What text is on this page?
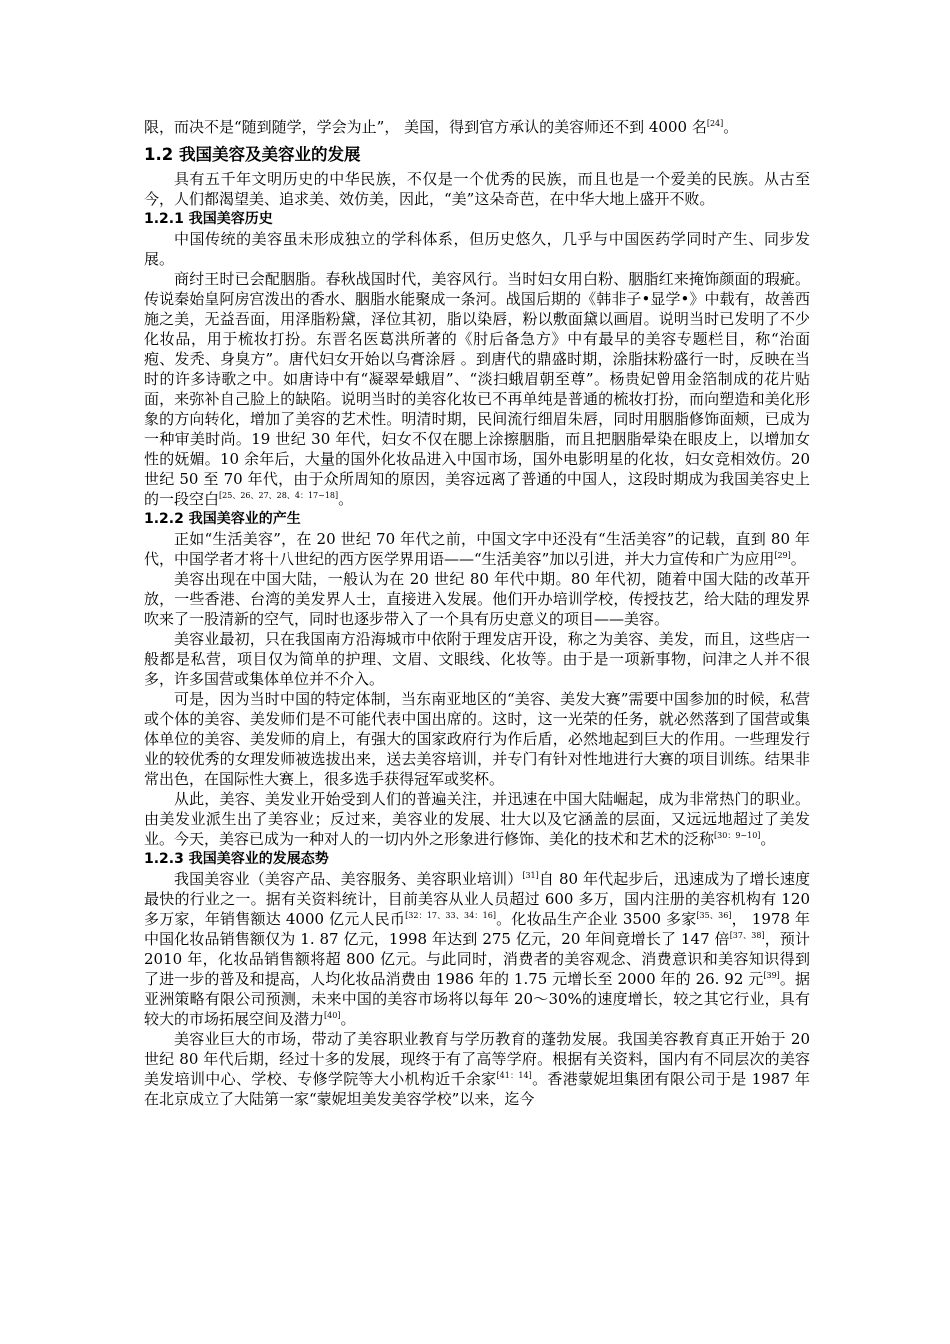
限，而决不是“随到随学，学会为止”， 美国，得到官方承认的美容师还不到 4000 名[24]。

1.2 我国美容及美容业的发展

具有五千年文明历史的中华民族，不仅是一个优秀的民族，而且也是一个爱美的民族。从古至今，人们都渴望美、追求美、效仿美，因此，“美”这朵奇芭，在中华大地上盛开不败。

1.2.1 我国美容历史

中国传统的美容虽未形成独立的学科体系，但历史悠久，几乎与中国医药学同时产生、同步发展。

商纣王时已会配胭脂。春秋战国时代，美容风行。当时妇女用白粉、胭脂红来掩饰颜面的瑕疵。传说秦始皇阿房宫泼出的香水、胭脂水能聚成一条河。战国后期的《韩非子•显学•》中载有，故善西施之美，无益吾面，用泽脂粉黛，泽位其初，脂以染唇，粉以敷面黛以画眉。说明当时已发明了不少化妆品，用于梳妆打扮。东晋名医葛洪所著的《肘后备急方》中有最早的美容专题栏目，称“治面疱、发秃、身臭方”。唐代妇女开始以乌膏涂唇 。到唐代的鼎盛时期，涂脂抹粉盛行一时，反映在当时的许多诗歌之中。如唐诗中有“凝翠晕蛾眉”、“淡扫蛾眉朝至尊”。杨贵妃曾用金箔制成的花片贴面，来弥补自己脸上的缺陷。说明当时的美容化妆已不再单纯是普通的梳妆打扮，而向塑造和美化形象的方向转化，增加了美容的艺术性。明清时期，民间流行细眉朱唇，同时用胭脂修饰面颊，已成为一种审美时尚。19 世纪 30 年代，妇女不仅在腮上涂擦胭脂，而且把胭脂晕染在眼皮上，以增加女性的妩媚。10 余年后，大量的国外化妆品进入中国市场，国外电影明星的化妆，妇女竞相效仿。20 世纪 50 至 70 年代，由于众所周知的原因，美容远离了普通的中国人，这段时期成为我国美容史上的一段空白[25、26、27、28、4：17~18]。

1.2.2 我国美容业的产生

正如“生活美容”，在 20 世纪 70 年代之前，中国文字中还没有“生活美容”的记载，直到 80 年代，中国学者才将十八世纪的西方医学界用语——“生活美容”加以引进，并大力宣传和广为应用[29]。

美容出现在中国大陆，一般认为在 20 世纪 80 年代中期。80 年代初，随着中国大陆的改革开放，一些香港、台湾的美发界人士，直接进入发展。他们开办培训学校，传授技艺，给大陆的理发界吹来了一股清新的空气，同时也逐步带入了一个具有历史意义的项目——美容。

美容业最初，只在我国南方沿海城市中依附于理发店开设，称之为美容、美发，而且，这些店一般都是私营，项目仅为简单的护理、文眉、文眼线、化妆等。由于是一项新事物，问津之人并不很多，许多国营或集体单位并不介入。

可是，因为当时中国的特定体制，当东南亚地区的“美容、美发大赛”需要中国参加的时候，私营或个体的美容、美发师们是不可能代表中国出席的。这时，这一光荣的任务，就必然落到了国营或集体单位的美容、美发师的肩上，有强大的国家政府行为作后盾，必然地起到巨大的作用。一些理发行业的较优秀的女理发师被选拔出来，送去美容培训，并专门有针对性地进行大赛的项目训练。结果非常出色，在国际性大赛上，很多选手获得冠军或奖杯。

从此，美容、美发业开始受到人们的普遍关注，并迅速在中国大陆崛起，成为非常热门的职业。由美发业派生出了美容业；反过来，美容业的发展、壮大以及它涵盖的层面，又远远地超过了美发业。今天，美容已成为一种对人的一切内外之形象进行修饰、美化的技术和艺术的泛称[30：9~10]。

1.2.3 我国美容业的发展态势

我国美容业（美容产品、美容服务、美容职业培训）[31]自 80 年代起步后，迅速成为了增长速度最快的行业之一。据有关资料统计，目前美容从业人员超过 600 多万，国内注册的美容机构有 120 多万家，年销售额达 4000 亿元人民币[32：17、33、34：16]。化妆品生产企业 3500 多家[35、36]， 1978 年中国化妆品销售额仅为 1. 87 亿元，1998 年达到 275 亿元，20 年间竟增长了 147 倍[37、38]，预计 2010 年，化妆品销售额将超 800 亿元。与此同时，消费者的美容观念、消费意识和美容知识得到了进一步的普及和提高，人均化妆品消费由 1986 年的 1.75 元增长至 2000 年的 26. 92 元[39]。据亚洲策略有限公司预测，未来中国的美容市场将以每年 20～30%的速度增长，较之其它行业，具有较大的市场拓展空间及潜力[40]。

美容业巨大的市场，带动了美容职业教育与学历教育的蓬勃发展。我国美容教育真正开始于 20 世纪 80 年代后期，经过十多的发展，现终于有了高等学府。根据有关资料，国内有不同层次的美容美发培训中心、学校、专修学院等大小机构近千余家[41：14]。香港蒙妮坦集团有限公司于是 1987 年在北京成立了大陆第一家“蒙妮坦美发美容学校”以来，迄今
